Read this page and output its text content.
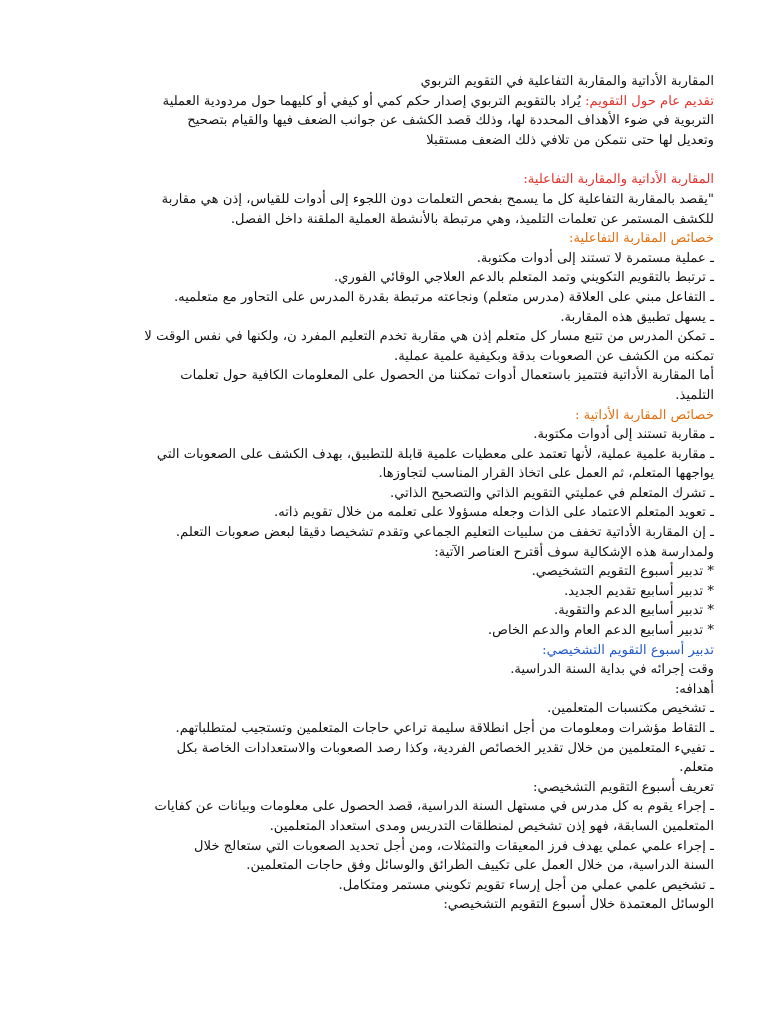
المقاربة الأداتية والمقاربة التفاعلية في التقويم التربوي
تقديم عام حول التقويم: يُراد بالتقويم التربوي إصدار حكم كمي أو كيفي أو كليهما حول مردودية العملية
التربوية في ضوء الأهداف المحددة لها، وذلك قصد الكشف عن جوانب الضعف فيها والقيام بتصحيح
وتعديل لها حتى نتمكن من تلافي ذلك الضعف مستقبلا
المقاربة الأداتية والمقاربة التفاعلية:
"يقصد بالمقاربة التفاعلية كل ما يسمح بفحص التعلمات دون اللجوء إلى أدوات للقياس، إذن هي مقاربة
للكشف المستمر عن تعلمات التلميذ، وهي مرتبطة بالأنشطة العملية الملقنة داخل الفصل.
خصائص المقاربة التفاعلية:
ـ عملية مستمرة لا تستند إلى أدوات مكتوبة.
ـ ترتبط بالتقويم التكويني وتمد المتعلم بالدعم العلاجي الوقائي الفوري.
ـ التفاعل مبني على العلاقة (مدرس متعلم) ونجاعته مرتبطة بقدرة المدرس على التحاور مع متعلميه.
ـ يسهل تطبيق هذه المقاربة.
ـ تمكن المدرس من تتبع مسار كل متعلم إذن هي مقاربة تخدم التعليم المفرد ن، ولكنها في نفس الوقت لا
تمكنه من الكشف عن الصعوبات بدقة وبكيفية علمية عملية.
أما المقاربة الأداتية فتتميز باستعمال أدوات تمكننا من الحصول على المعلومات الكافية حول تعلمات
التلميذ.
خصائص المقاربة الأداتية :
ـ مقاربة تستند إلى أدوات مكتوبة.
ـ مقاربة علمية عملية، لأنها تعتمد على معطيات علمية قابلة للتطبيق، بهدف الكشف على الصعوبات التي
يواجهها المتعلم، ثم العمل على اتخاذ القرار المناسب لتجاوزها.
ـ تشرك المتعلم في عمليتي التقويم الذاتي والتصحيح الذاتي.
ـ تعويد المتعلم الاعتماد على الذات وجعله مسؤولا على تعلمه من خلال تقويم ذاته.
ـ إن المقاربة الأداتية تخفف من سلبيات التعليم الجماعي وتقدم تشخيصا دقيقا لبعض صعوبات التعلم.
ولمدارسة هذه الإشكالية سوف أقترح العناصر الآتية:
* تدبير أسبوع التقويم التشخيصي.
* تدبير أسابيع تقديم الجديد.
* تدبير أسابيع الدعم والتقوية.
* تدبير أسابيع الدعم العام والدعم الخاص.
تدبير أسبوع التقويم التشخيصي:
وقت إجرائه في بداية السنة الدراسية.
أهدافه:
ـ تشخيص مكتسبات المتعلمين.
ـ التقاط مؤشرات ومعلومات من أجل انطلاقة سليمة تراعي حاجات المتعلمين وتستجيب لمتطلباتهم.
ـ تفييء المتعلمين من خلال تقدير الخصائص الفردية، وكذا رصد الصعوبات والاستعدادات الخاصة بكل
متعلم.
تعريف أسبوع التقويم التشخيصي:
ـ إجراء يقوم به كل مدرس في مستهل السنة الدراسية، قصد الحصول على معلومات وبيانات عن كفايات
المتعلمين السابقة، فهو إذن تشخيص لمنطلقات التدريس ومدى استعداد المتعلمين.
ـ إجراء علمي عملي يهدف فرز المعيقات والتمثلات، ومن أجل تحديد الصعوبات التي ستعالج خلال
السنة الدراسية، من خلال العمل على تكييف الطرائق والوسائل وفق حاجات المتعلمين.
ـ تشخيص علمي عملي من أجل إرساء تقويم تكويني مستمر ومتكامل.
الوسائل المعتمدة خلال أسبوع التقويم التشخيصي:
